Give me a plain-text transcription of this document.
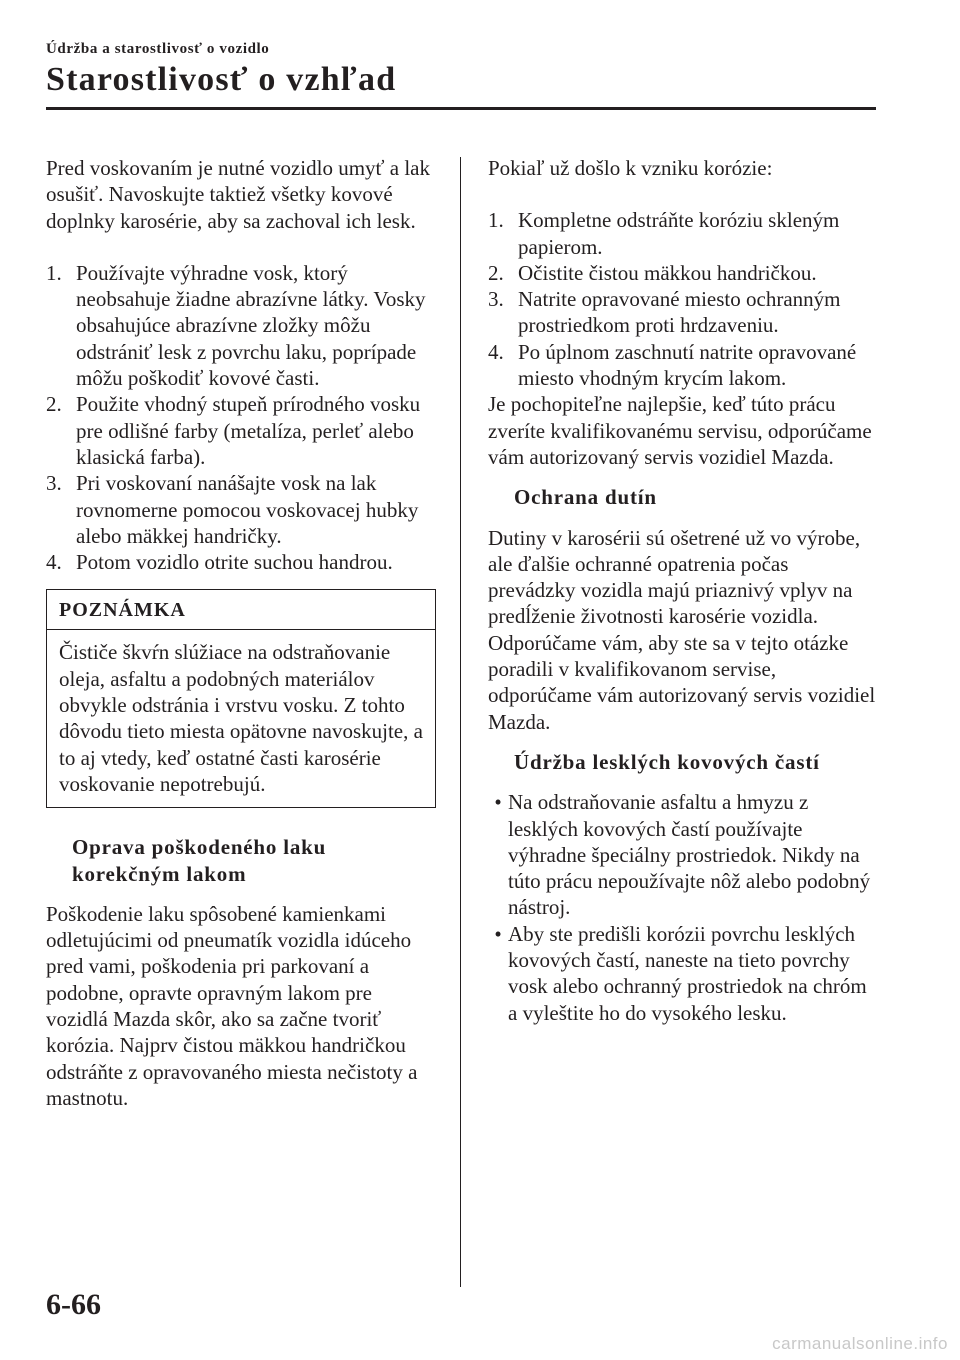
Údržba a starostlivosť o vozidlo
Starostlivosť o vzhľad

Pred voskovaním je nutné vozidlo umyť a lak osušiť. Navoskujte taktiež všetky kovové doplnky karosérie, aby sa zachoval ich lesk.

1. Používajte výhradne vosk, ktorý neobsahuje žiadne abrazívne látky. Vosky obsahujúce abrazívne zložky môžu odstrániť lesk z povrchu laku, poprípade môžu poškodiť kovové časti.
2. Použite vhodný stupeň prírodného vosku pre odlišné farby (metalíza, perleť alebo klasická farba).
3. Pri voskovaní nanášajte vosk na lak rovnomerne pomocou voskovacej hubky alebo mäkkej handričky.
4. Potom vozidlo otrite suchou handrou.
POZNÁMKA
Čističe škvŕn slúžiace na odstraňovanie oleja, asfaltu a podobných materiálov obvykle odstránia i vrstvu vosku. Z tohto dôvodu tieto miesta opätovne navoskujte, a to aj vtedy, keď ostatné časti karosérie voskovanie nepotrebujú.
Oprava poškodeného laku korekčným lakom

Poškodenie laku spôsobené kamienkami odletujúcimi od pneumatík vozidla idúceho pred vami, poškodenia pri parkovaní a podobne, opravte opravným lakom pre vozidlá Mazda skôr, ako sa začne tvoriť korózia. Najprv čistou mäkkou handričkou odstráňte z opravovaného miesta nečistoty a mastnotu.

Pokiaľ už došlo k vzniku korózie:

1. Kompletne odstráňte koróziu skleným papierom.
2. Očistite čistou mäkkou handričkou.
3. Natrite opravované miesto ochranným prostriedkom proti hrdzaveniu.
4. Po úplnom zaschnutí natrite opravované miesto vhodným krycím lakom.

Je pochopiteľne najlepšie, keď túto prácu zveríte kvalifikovanému servisu, odporúčame vám autorizovaný servis vozidiel Mazda.

Ochrana dutín

Dutiny v karosérii sú ošetrené už vo výrobe, ale ďalšie ochranné opatrenia počas prevádzky vozidla majú priaznivý vplyv na predĺženie životnosti karosérie vozidla.

Odporúčame vám, aby ste sa v tejto otázke poradili v kvalifikovanom servise, odporúčame vám autorizovaný servis vozidiel Mazda.

Údržba lesklých kovových častí
• Na odstraňovanie asfaltu a hmyzu z lesklých kovových častí používajte výhradne špeciálny prostriedok. Nikdy na túto prácu nepoužívajte nôž alebo podobný nástroj.
• Aby ste predišli korózii povrchu lesklých kovových častí, naneste na tieto povrchy vosk alebo ochranný prostriedok na chróm a vyleštite ho do vysokého lesku.
6-66
carmanualsonline.info
